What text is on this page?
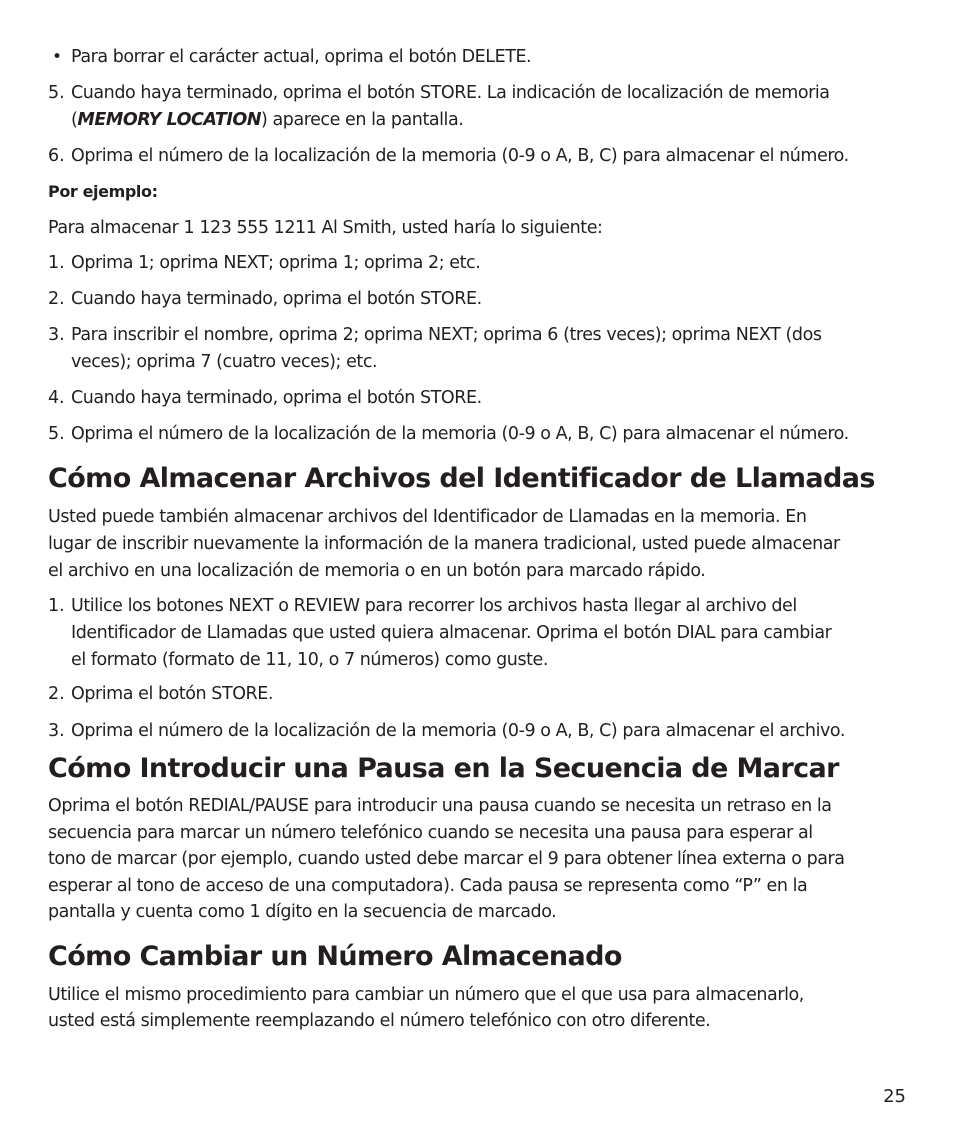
• Para borrar el carácter actual, oprima el botón DELETE.
5. Cuando haya terminado, oprima el botón STORE. La indicación de localización de memoria
(MEMORY LOCATION) aparece en la pantalla.
6. Oprima el número de la localización de la memoria (0-9 o A, B, C) para almacenar el número.
Por ejemplo:
Para almacenar 1 123 555 1211 Al Smith, usted haría lo siguiente:
1. Oprima 1; oprima NEXT; oprima 1; oprima 2; etc.
2. Cuando haya terminado, oprima el botón STORE.
3. Para inscribir el nombre, oprima 2; oprima NEXT; oprima 6 (tres veces); oprima NEXT (dos
veces); oprima 7 (cuatro veces); etc.
4. Cuando haya terminado, oprima el botón STORE.
5. Oprima el número de la localización de la memoria (0-9 o A, B, C) para almacenar el número.
Cómo Almacenar Archivos del Identificador de Llamadas
Usted puede también almacenar archivos del Identificador de Llamadas en la memoria. En
lugar de inscribir nuevamente la información de la manera tradicional, usted puede almacenar
el archivo en una localización de memoria o en un botón para marcado rápido.
1. Utilice los botones NEXT o REVIEW para recorrer los archivos hasta llegar al archivo del
Identificador de Llamadas que usted quiera almacenar. Oprima el botón DIAL para cambiar
el formato (formato de 11, 10, o 7 números) como guste.
2. Oprima el botón STORE.
3. Oprima el número de la localización de la memoria (0-9 o A, B, C) para almacenar el archivo.
Cómo Introducir una Pausa en la Secuencia de Marcar
Oprima el botón REDIAL/PAUSE para introducir una pausa cuando se necesita un retraso en la
secuencia para marcar un número telefónico cuando se necesita una pausa para esperar al
tono de marcar (por ejemplo, cuando usted debe marcar el 9 para obtener línea externa o para
esperar al tono de acceso de una computadora). Cada pausa se representa como “P” en la
pantalla y cuenta como 1 dígito en la secuencia de marcado.
Cómo Cambiar un Número Almacenado
Utilice el mismo procedimiento para cambiar un número que el que usa para almacenarlo,
usted está simplemente reemplazando el número telefónico con otro diferente.
25
